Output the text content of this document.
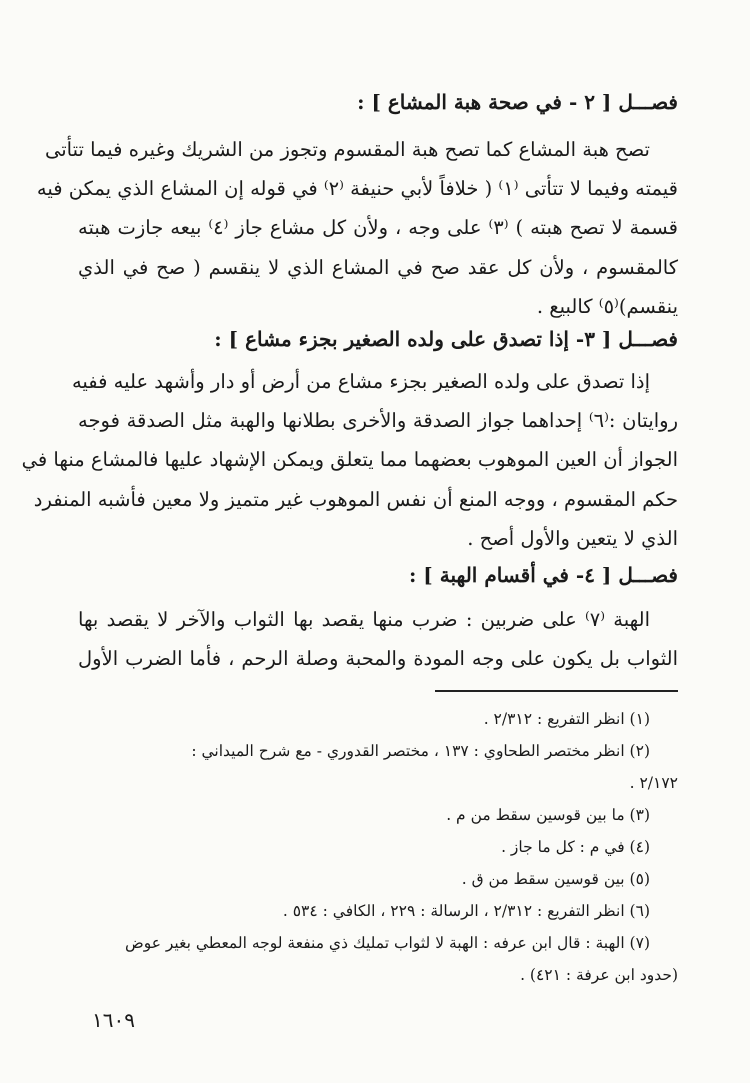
فصـــل [ ٢ - في صحة هبة المشاع ] :
تصح هبة المشاع كما تصح هبة المقسوم وتجوز من الشريك وغيره فيما تتأتى
قيمته وفيما لا تتأتى ⁽١⁾ ( خلافاً لأبي حنيفة ⁽٢⁾ في قوله إن المشاع الذي يمكن فيه
قسمة لا تصح هبته ) ⁽٣⁾ على وجه ، ولأن كل مشاع جاز ⁽٤⁾ بيعه جازت هبته
كالمقسوم ، ولأن كل عقد صح في المشاع الذي لا ينقسم ( صح في الذي
ينقسم)⁽٥⁾ كالبيع .
فصـــل [ ٣- إذا تصدق على ولده الصغير بجزء مشاع ] :
إذا تصدق على ولده الصغير بجزء مشاع من أرض أو دار وأشهد عليه ففيه
روايتان :⁽٦⁾ إحداهما جواز الصدقة والأخرى بطلانها والهبة مثل الصدقة فوجه
الجواز أن العين الموهوب بعضهما مما يتعلق ويمكن الإشهاد عليها فالمشاع منها في
حكم المقسوم ، ووجه المنع أن نفس الموهوب غير متميز ولا معين فأشبه المنفرد
الذي لا يتعين والأول أصح .
فصـــل [ ٤- في أقسام الهبة ] :
الهبة ⁽٧⁾ على ضربين : ضرب منها يقصد بها الثواب والآخر لا يقصد بها
الثواب بل يكون على وجه المودة والمحبة وصلة الرحم ، فأما الضرب الأول
(١) انظر التفريع : ٢/٣١٢ .
(٢) انظر مختصر الطحاوي : ١٣٧ ، مختصر القدوري - مع شرح الميداني :
٢/١٧٢ .
(٣) ما بين قوسين سقط من م .
(٤) في م : كل ما جاز .
(٥) بين قوسين سقط من ق .
(٦) انظر التفريع : ٢/٣١٢ ، الرسالة : ٢٢٩ ، الكافي : ٥٣٤ .
(٧) الهبة : قال ابن عرفه : الهبة لا لثواب تمليك ذي منفعة لوجه المعطي بغير عوض
(حدود ابن عرفة : ٤٢١) .
١٦٠٩
